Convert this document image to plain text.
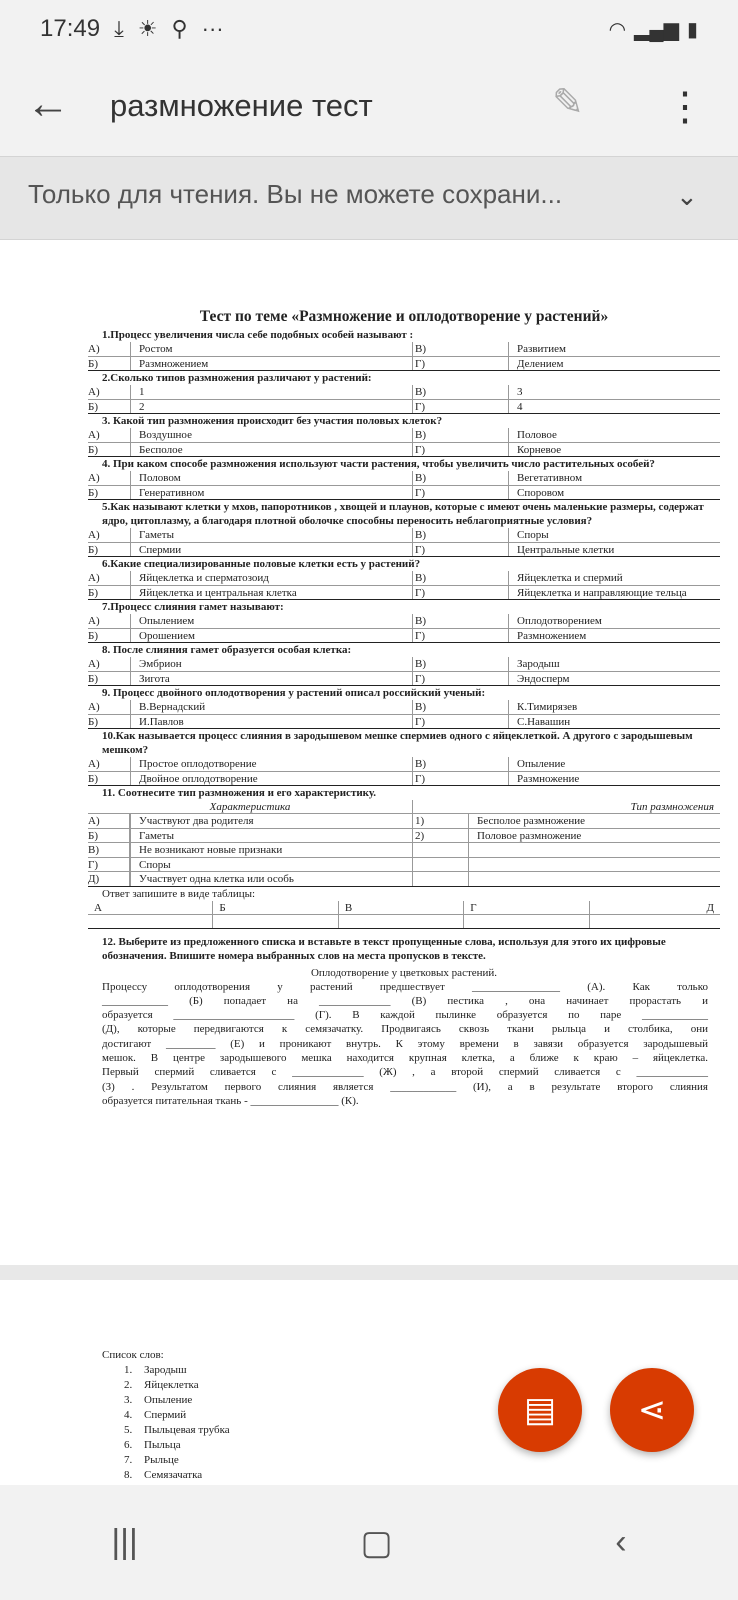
17:49 ⤓ ☀ ⚲ ···	◠ ▂▄▆ ▮
← размножение тест	✎ ⋮
Только для чтения. Вы не можете сохрани...	⌄
Тест по теме «Размножение и оплодотворение у растений»
1.Процесс увеличения числа себе подобных особей называют :
А)	Ростом	В)	Развитием
Б)	Размножением	Г)	Делением
2.Сколько типов размножения различают у растений:
А)	1	В)	3
Б)	2	Г)	4
3. Какой тип размножения происходит без участия половых клеток?
А)	Воздушное	В)	Половое
Б)	Бесполое	Г)	Корневое
4. При каком способе размножения используют части растения, чтобы увеличить число растительных особей?
А)	Половом	В)	Вегетативном
Б)	Генеративном	Г)	Споровом
5.Как называют клетки у мхов, папоротников , хвощей и плаунов, которые с имеют очень маленькие размеры, содержат ядро, цитоплазму, а благодаря плотной оболочке способны переносить неблагоприятные условия?
А)	Гаметы	В)	Споры
Б)	Спермии	Г)	Центральные клетки
6.Какие специализированные половые клетки есть у растений?
А)	Яйцеклетка и сперматозоид	В)	Яйцеклетка и спермий
Б)	Яйцеклетка и центральная клетка	Г)	Яйцеклетка и направляющие тельца
7.Процесс слияния гамет называют:
А)	Опылением	В)	Оплодотворением
Б)	Орошением	Г)	Размножением
8. После слияния гамет образуется особая клетка:
А)	Эмбрион	В)	Зародыш
Б)	Зигота	Г)	Эндосперм
9. Процесс двойного оплодотворения у растений описал российский ученый:
А)	В.Вернадский	В)	К.Тимирязев
Б)	И.Павлов	Г)	С.Навашин
10.Как называется процесс слияния в зародышевом мешке спермиев одного с яйцеклеткой. А другого с зародышевым мешком?
А)	Простое оплодотворение	В)	Опыление
Б)	Двойное оплодотворение	Г)	Размножение
11. Соотнесите тип размножения и его характеристику.
Характеристика	Тип размножения
А)	Участвуют два родителя	1)	Бесполое размножение
Б)	Гаметы	2)	Половое размножение
В)	Не возникают новые признаки
Г)	Споры
Д)	Участвует одна клетка или особь
Ответ запишите в виде таблицы:
А	Б	В	Г	Д
12. Выберите из предложенного списка и вставьте в текст пропущенные слова, используя для этого их цифровые обозначения. Впишите номера выбранных слов на места пропусков в тексте.
Оплодотворение у цветковых растений.
Процессу оплодотворения у растений предшествует ________________ (А). Как только
____________ (Б) попадает на _____________ (В) пестика , она начинает прорастать и
образуется ______________________ (Г). В каждой пылинке образуется по паре ____________
(Д), которые передвигаются к семязачатку. Продвигаясь сквозь ткани рыльца и столбика, они
достигают _________ (Е) и проникают внутрь. К этому времени в завязи образуется зародышевый
мешок. В центре зародышевого мешка находится крупная клетка, а ближе к краю – яйцеклетка.
Первый спермий сливается с _____________ (Ж) , а второй спермий сливается с _____________
(З) . Результатом первого слияния является ____________ (И), а в результате второго слияния
образуется питательная ткань - ________________ (К).
Список слов:
1. Зародыш
2. Яйцеклетка
3. Опыление
4. Спермий
5. Пыльцевая трубка
6. Пыльца
7. Рыльце
8. Семязачатка
▤ ⋖
|||	▢	‹
